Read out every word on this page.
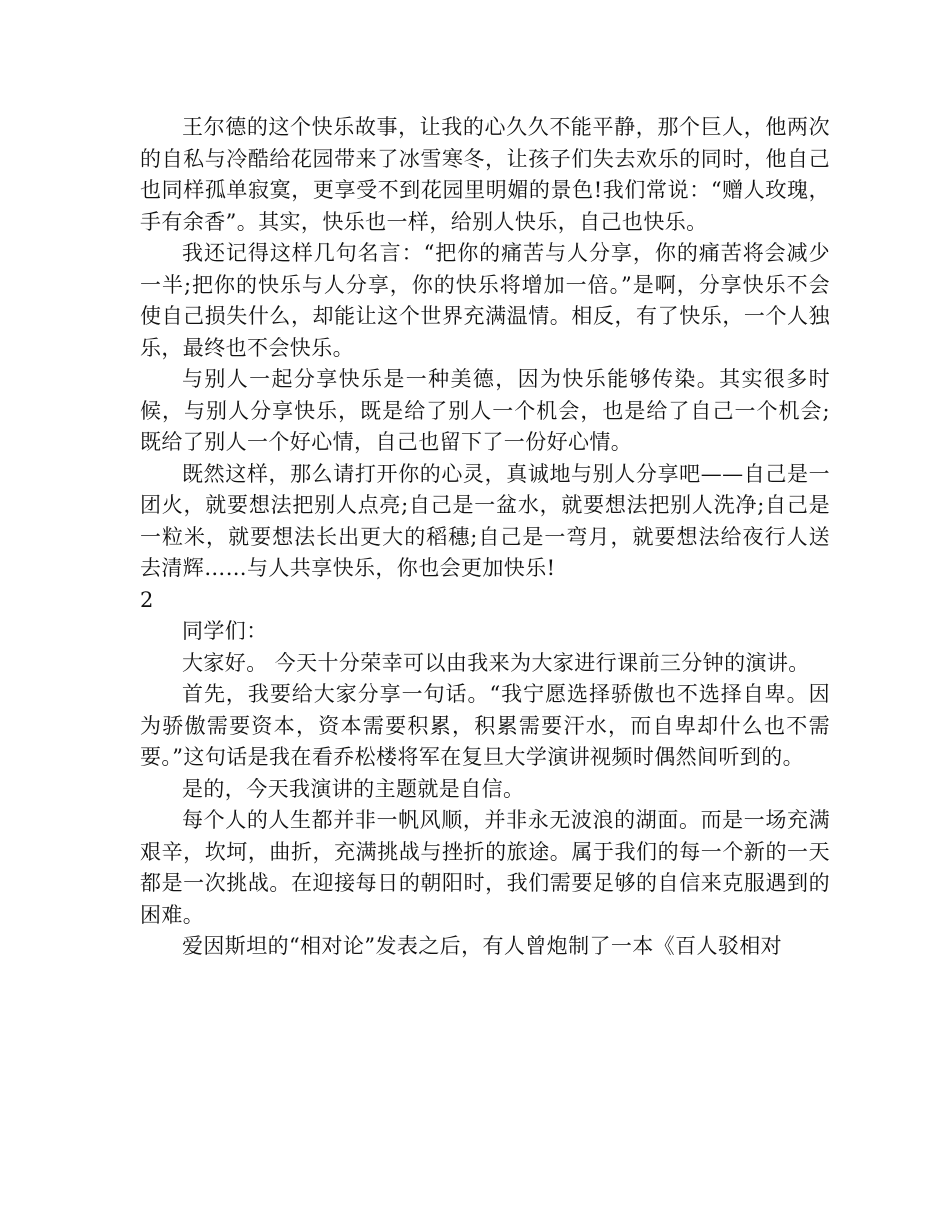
王尔德的这个快乐故事，让我的心久久不能平静，那个巨人，他两次的自私与冷酷给花园带来了冰雪寒冬，让孩子们失去欢乐的同时，他自己也同样孤单寂寞，更享受不到花园里明媚的景色!我们常说：“赠人玫瑰，手有余香”。其实，快乐也一样，给别人快乐，自己也快乐。

我还记得这样几句名言：“把你的痛苦与人分享，你的痛苦将会减少一半;把你的快乐与人分享，你的快乐将增加一倍。”是啊，分享快乐不会使自己损失什么，却能让这个世界充满温情。相反，有了快乐，一个人独乐，最终也不会快乐。

与别人一起分享快乐是一种美德，因为快乐能够传染。其实很多时候，与别人分享快乐，既是给了别人一个机会，也是给了自己一个机会;既给了别人一个好心情，自己也留下了一份好心情。

既然这样，那么请打开你的心灵，真诚地与别人分享吧——自己是一团火，就要想法把别人点亮;自己是一盆水，就要想法把别人洗净;自己是一粒米，就要想法长出更大的稻穗;自己是一弯月，就要想法给夜行人送去清辉……与人共享快乐，你也会更加快乐!

2

同学们：

大家好。 今天十分荣幸可以由我来为大家进行课前三分钟的演讲。

首先，我要给大家分享一句话。“我宁愿选择骄傲也不选择自卑。因为骄傲需要资本，资本需要积累，积累需要汗水，而自卑却什么也不需要。”这句话是我在看乔松楼将军在复旦大学演讲视频时偶然间听到的。

是的，今天我演讲的主题就是自信。

每个人的人生都并非一帆风顺，并非永无波浪的湖面。而是一场充满艰辛，坎坷，曲折，充满挑战与挫折的旅途。属于我们的每一个新的一天都是一次挑战。在迎接每日的朝阳时，我们需要足够的自信来克服遇到的困难。

爱因斯坦的“相对论”发表之后，有人曾炮制了一本《百人驳相对
